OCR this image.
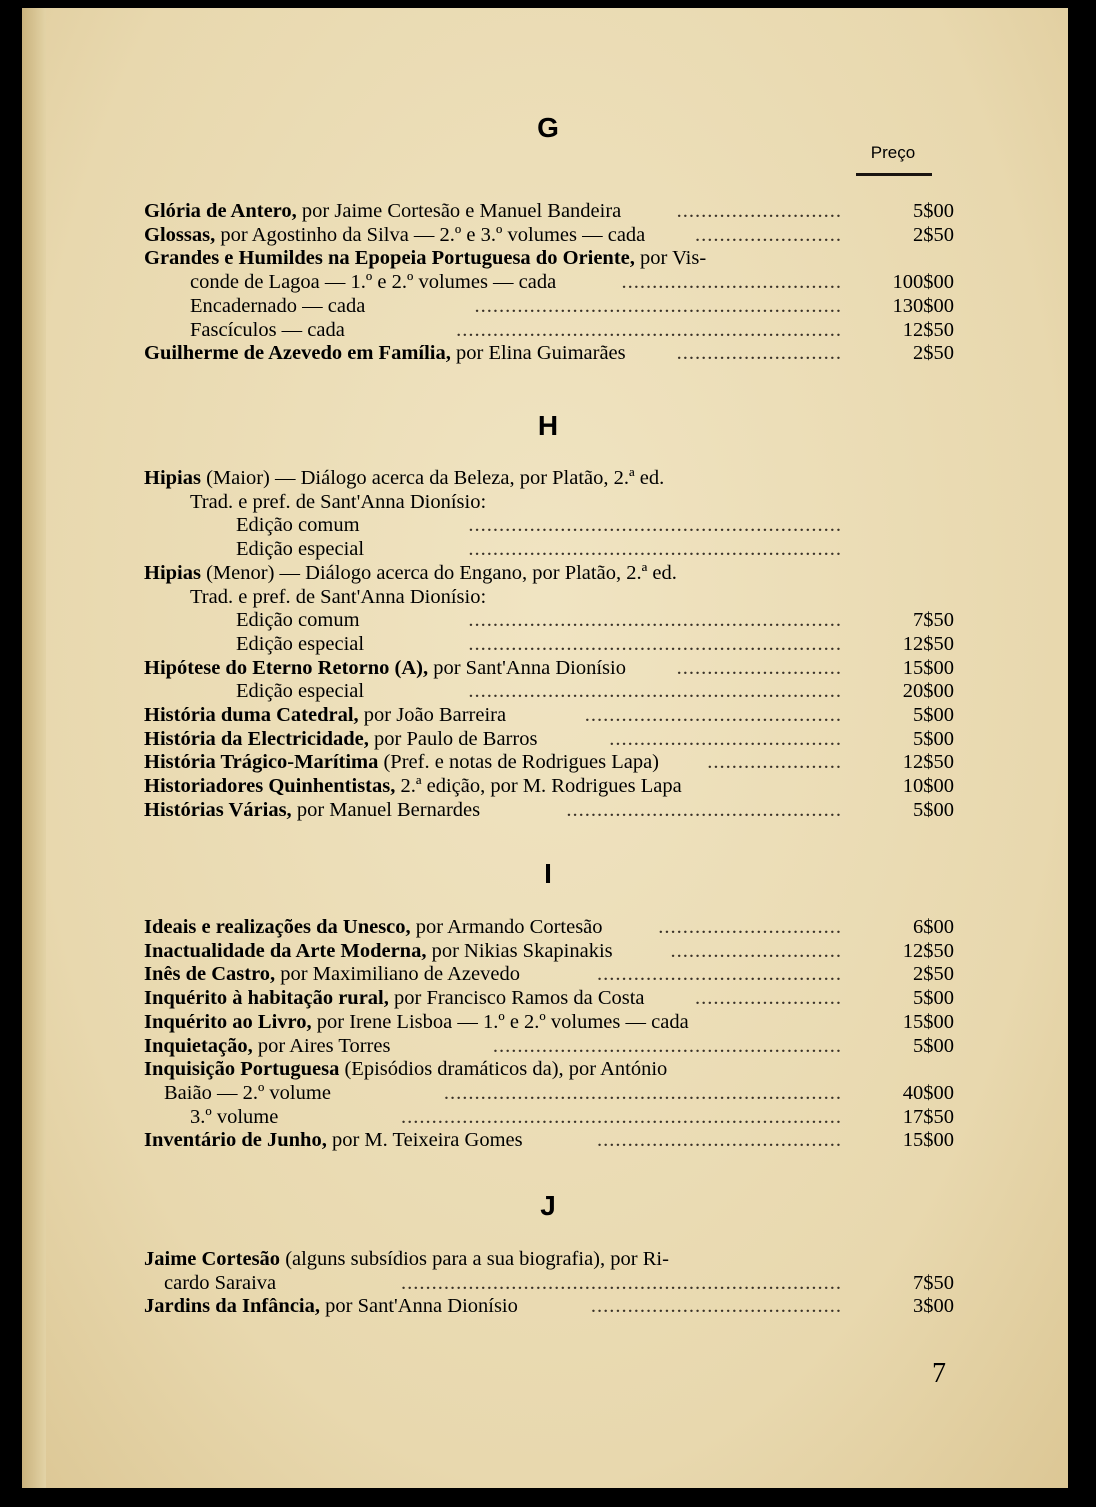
G
Preço
H
I
J
Glória de Antero, por Jaime Cortesão e Manuel Bandeira	...........................	5$00
Glossas, por Agostinho da Silva — 2.º e 3.º volumes — cada ........................	2$50
Grandes e Humildes na Epopeia Portuguesa do Oriente, por Vis-
conde de Lagoa — 1.º e 2.º volumes — cada	.................................... 100$00
Encadernado — cada	............................................................ 130$00
Fascículos — cada	...............................................................	12$50
Guilherme de Azevedo em Família, por Elina Guimarães ...........................	2$50
Hipias (Maior) — Diálogo acerca da Beleza, por Platão, 2.ª ed.
Trad. e pref. de Sant'Anna Dionísio:
Edição comum	.............................................................
Edição especial	.............................................................
Hipias (Menor) — Diálogo acerca do Engano, por Platão, 2.ª ed.
Trad. e pref. de Sant'Anna Dionísio:
Edição comum	.............................................................	7$50
Edição especial	.............................................................	12$50
Hipótese do Eterno Retorno (A), por Sant'Anna Dionísio ...........................	15$00
Edição especial	.............................................................	20$00
História duma Catedral, por João Barreira	..........................................	5$00
História da Electricidade, por Paulo de Barros	......................................	5$00
História Trágico-Marítima (Pref. e notas de Rodrigues Lapa) ......................	12$50
Historiadores Quinhentistas, 2.ª edição, por M. Rodrigues Lapa	10$00
Histórias Várias, por Manuel Bernardes	.............................................	5$00
Ideais e realizações da Unesco, por Armando Cortesão	..............................	6$00
Inactualidade da Arte Moderna, por Nikias Skapinakis	............................	12$50
Inês de Castro, por Maximiliano de Azevedo	........................................	2$50
Inquérito à habitação rural, por Francisco Ramos da Costa ........................	5$00
Inquérito ao Livro, por Irene Lisboa — 1.º e 2.º volumes — cada	15$00
Inquietação, por Aires Torres	.........................................................	5$00
Inquisição Portuguesa (Episódios dramáticos da), por António
Baião — 2.º volume	.................................................................	40$00
3.º volume	........................................................................	17$50
Inventário de Junho, por M. Teixeira Gomes	........................................	15$00
Jaime Cortesão (alguns subsídios para a sua biografia), por Ri-
cardo Saraiva	........................................................................	7$50
Jardins da Infância, por Sant'Anna Dionísio	.........................................	3$00
7
